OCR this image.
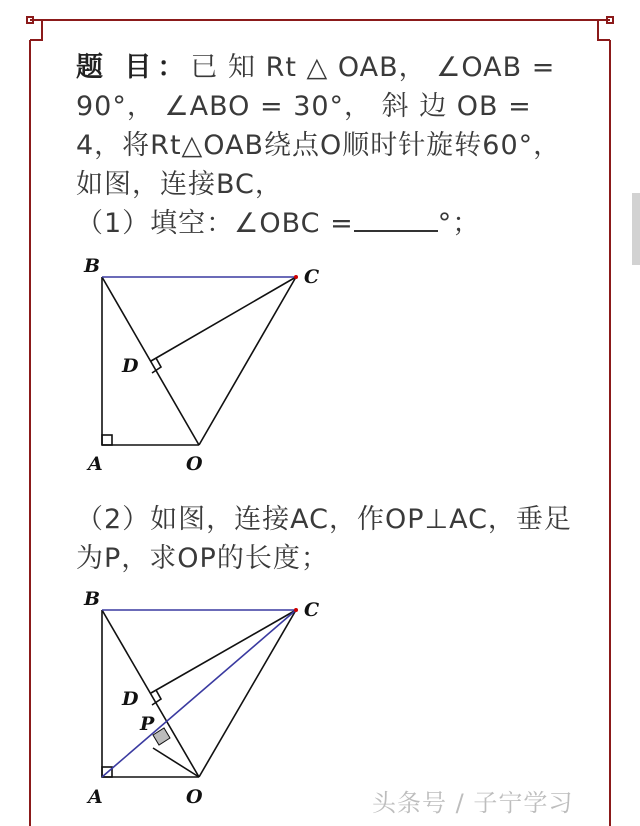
题 目：已 知 Rt △ OAB， ∠OAB = 90°， ∠ABO = 30°， 斜 边 OB = 4，将Rt△OAB绕点O顺时针旋转60°，如图，连接BC，
（1）填空：∠OBC =	°；
B	C
D
A	O
（2）如图，连接AC，作OP⊥AC，垂足为P，求OP的长度；
B	C
D
P
A	O	头条号 / 子宁学习
